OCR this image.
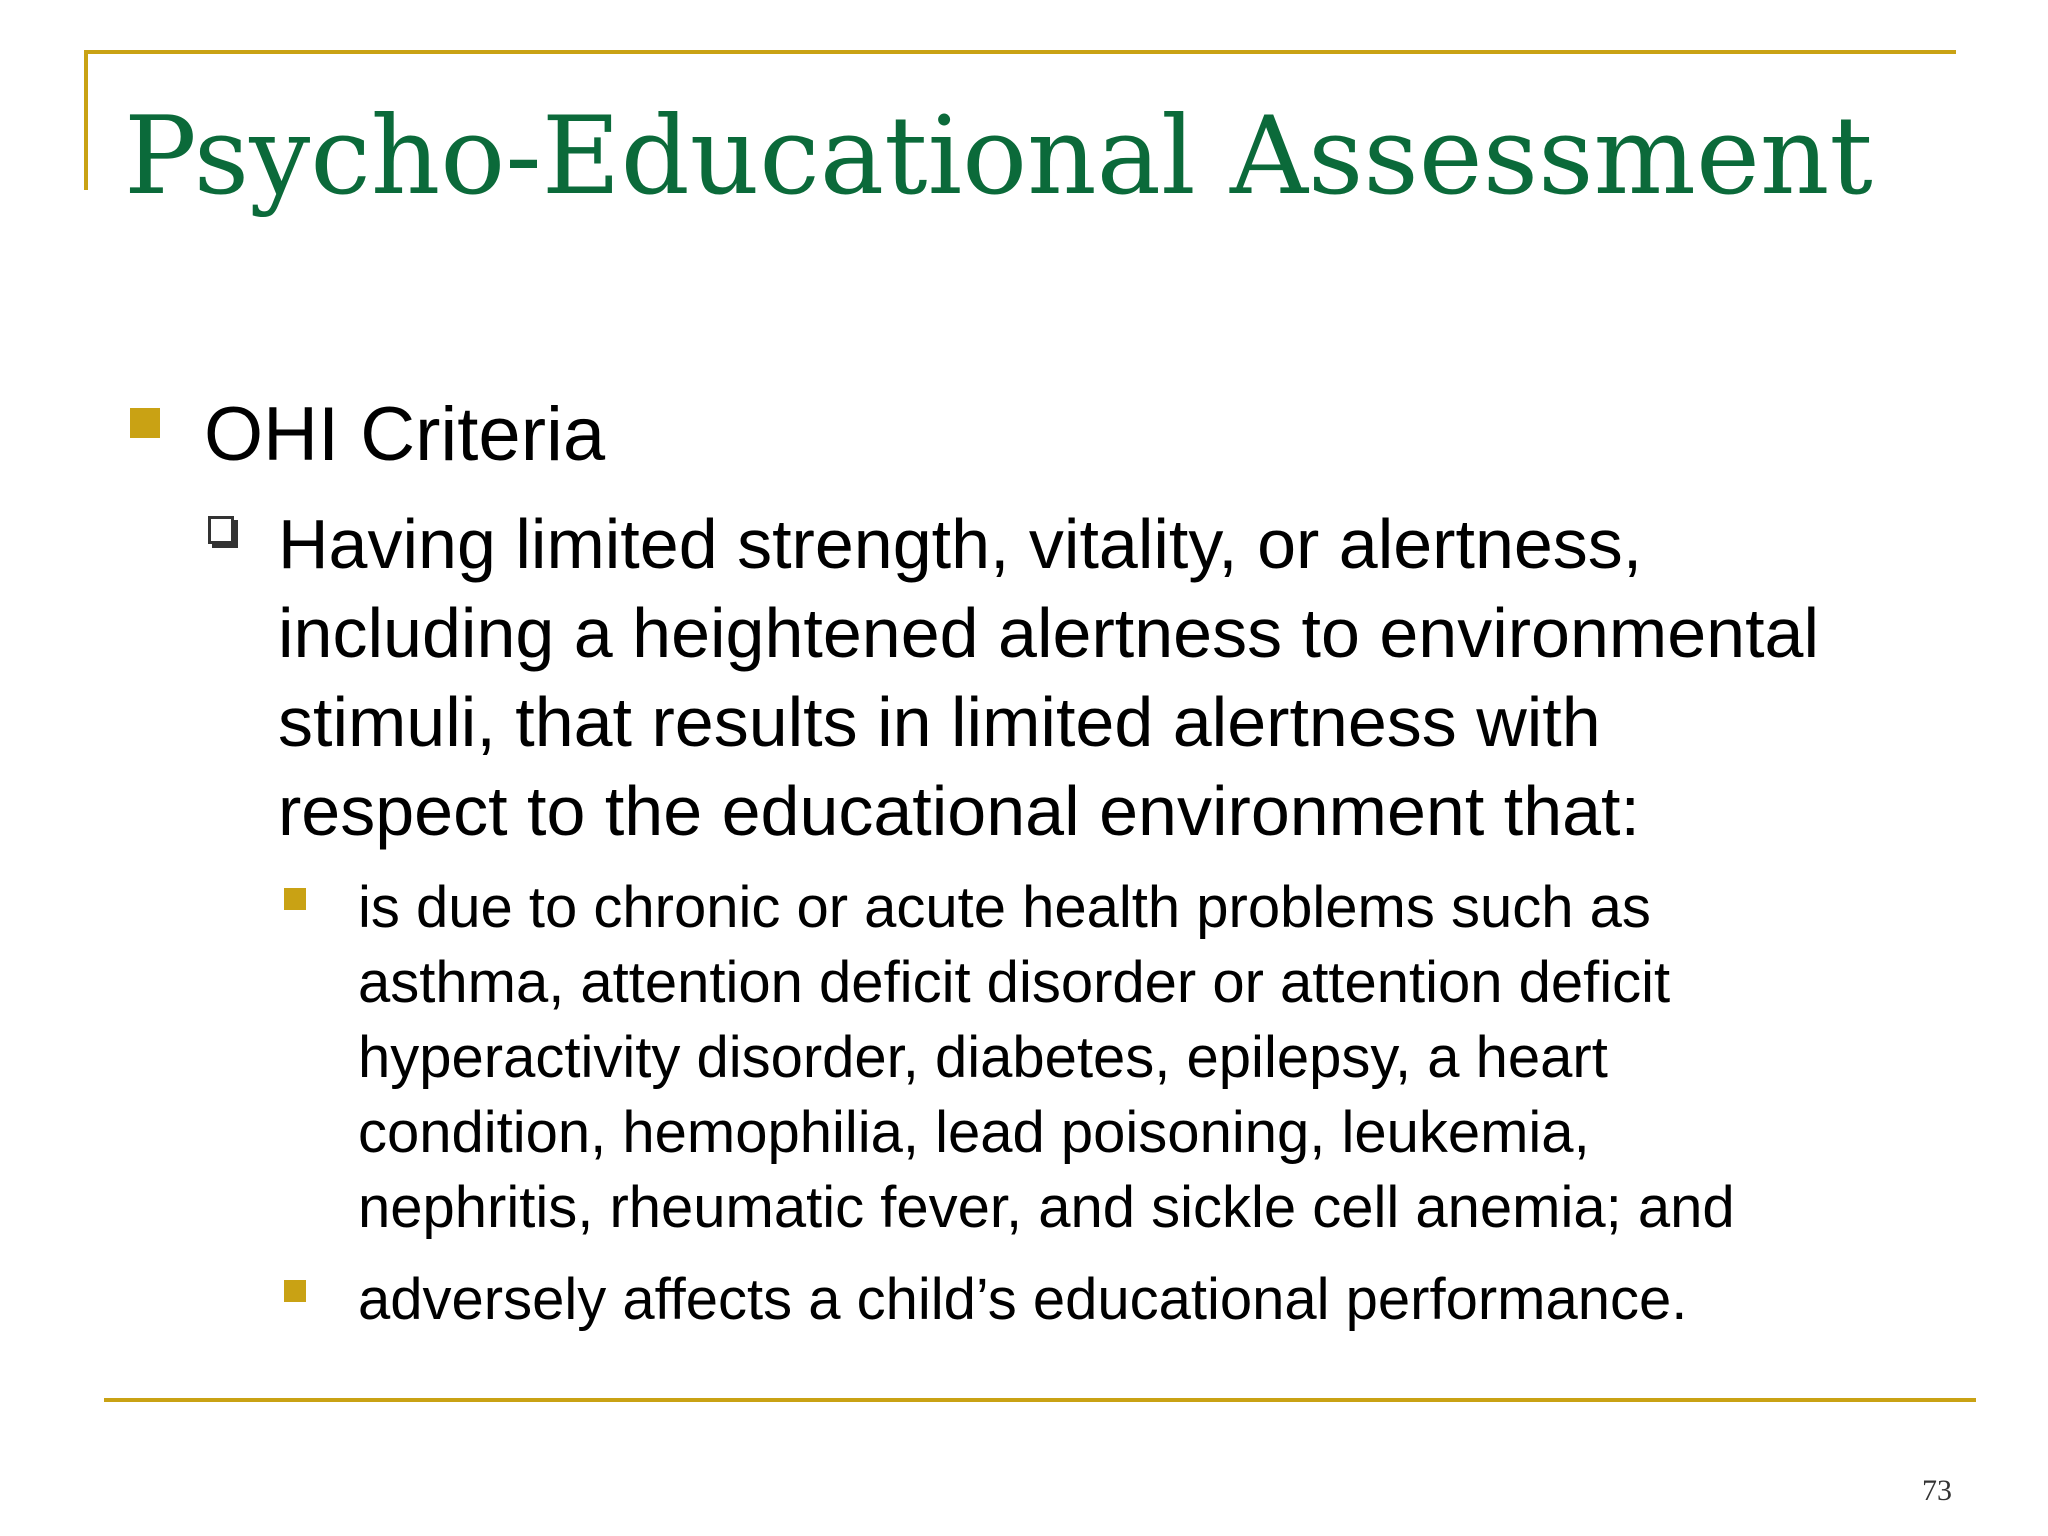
Psycho-Educational Assessment
OHI Criteria
Having limited strength, vitality, or alertness,
including a heightened alertness to environmental
stimuli, that results in limited alertness with
respect to the educational environment that:
is due to chronic or acute health problems such as
asthma, attention deficit disorder or attention deficit
hyperactivity disorder, diabetes, epilepsy, a heart
condition, hemophilia, lead poisoning, leukemia,
nephritis, rheumatic fever, and sickle cell anemia; and
adversely affects a child’s educational performance.
73
